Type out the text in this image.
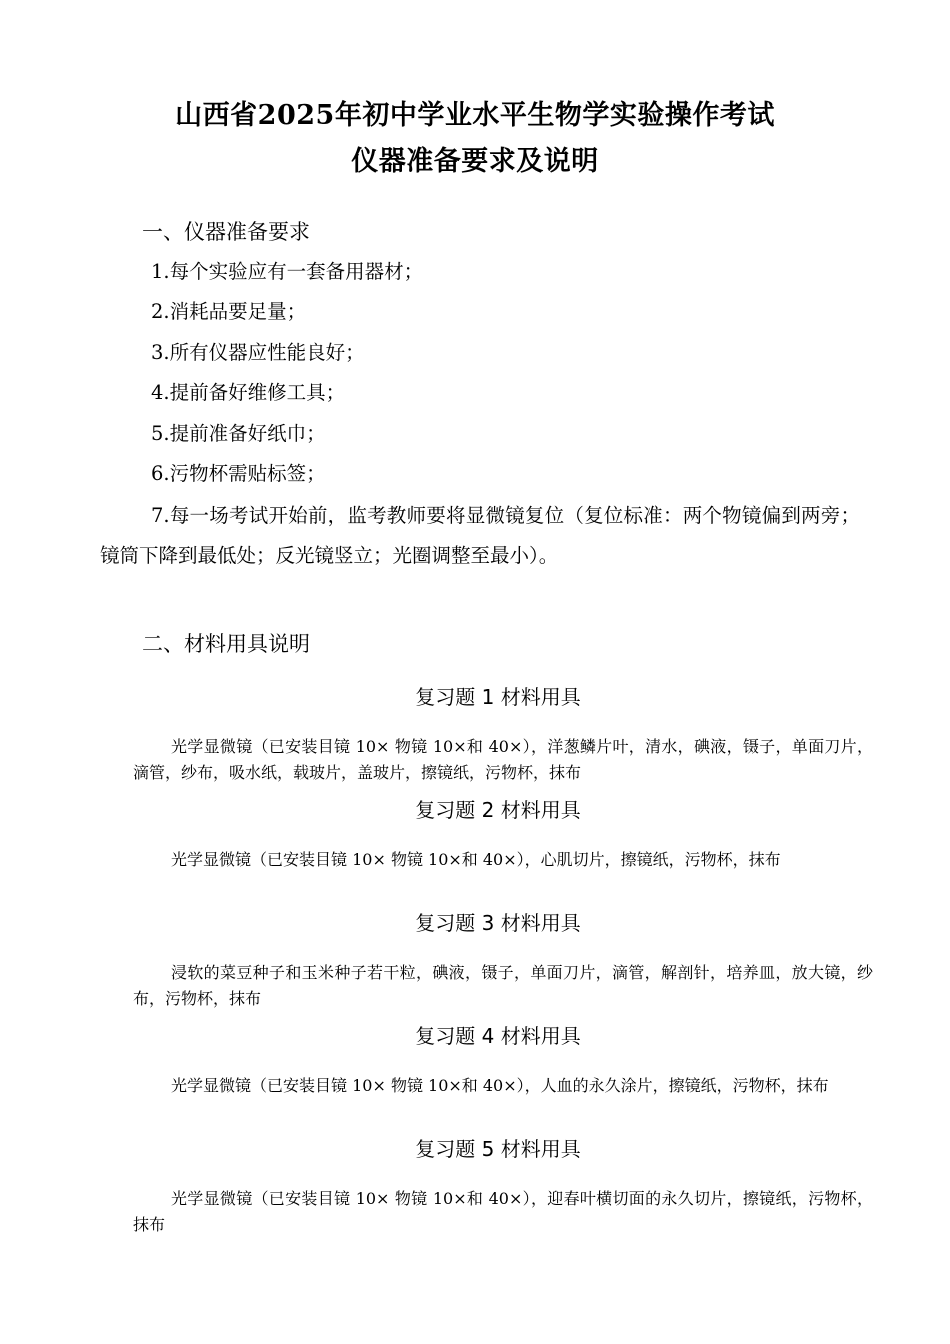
山西省2025年初中学业水平生物学实验操作考试
仪器准备要求及说明
一、仪器准备要求
1.每个实验应有一套备用器材；
2.消耗品要足量；
3.所有仪器应性能良好；
4.提前备好维修工具；
5.提前准备好纸巾；
6.污物杯需贴标签；
7.每一场考试开始前，监考教师要将显微镜复位（复位标准：两个物镜偏到两旁；镜筒下降到最低处；反光镜竖立；光圈调整至最小）。
二、材料用具说明
复习题 1 材料用具
光学显微镜（已安装目镜 10× 物镜 10×和 40×），洋葱鳞片叶，清水，碘液，镊子，单面刀片，滴管，纱布，吸水纸，载玻片，盖玻片，擦镜纸，污物杯，抹布
复习题 2 材料用具
光学显微镜（已安装目镜 10× 物镜 10×和 40×），心肌切片，擦镜纸，污物杯，抹布
复习题 3 材料用具
浸软的菜豆种子和玉米种子若干粒，碘液，镊子，单面刀片，滴管，解剖针，培养皿，放大镜，纱布，污物杯，抹布
复习题 4 材料用具
光学显微镜（已安装目镜 10× 物镜 10×和 40×），人血的永久涂片，擦镜纸，污物杯，抹布
复习题 5 材料用具
光学显微镜（已安装目镜 10× 物镜 10×和 40×），迎春叶横切面的永久切片，擦镜纸，污物杯，抹布
